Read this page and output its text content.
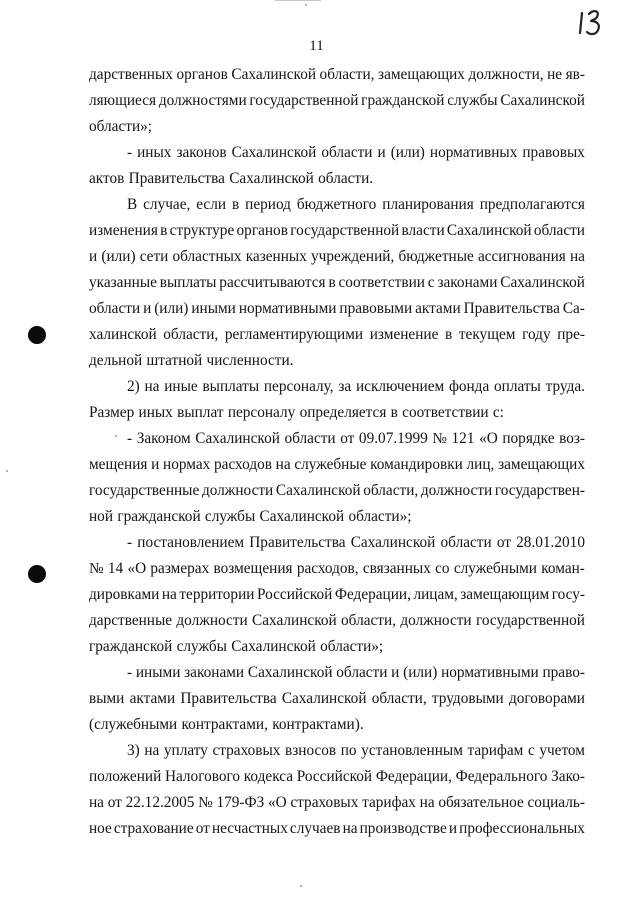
11
дарственных органов Сахалинской области, замещающих должности, не яв-
ляющиеся должностями государственной гражданской службы Сахалинской
области»;
- иных законов Сахалинской области и (или) нормативных правовых
актов Правительства Сахалинской области.
В случае, если в период бюджетного планирования предполагаются
изменения в структуре органов государственной власти Сахалинской области
и (или) сети областных казенных учреждений, бюджетные ассигнования на
указанные выплаты рассчитываются в соответствии с законами Сахалинской
области и (или) иными нормативными правовыми актами Правительства Са-
халинской области, регламентирующими изменение в текущем году пре-
дельной штатной численности.
2) на иные выплаты персоналу, за исключением фонда оплаты труда.
Размер иных выплат персоналу определяется в соответствии с:
- Законом Сахалинской области от 09.07.1999 № 121 «О порядке воз-
мещения и нормах расходов на служебные командировки лиц, замещающих
государственные должности Сахалинской области, должности государствен-
ной гражданской службы Сахалинской области»;
- постановлением Правительства Сахалинской области от 28.01.2010
№ 14 «О размерах возмещения расходов, связанных со служебными коман-
дировками на территории Российской Федерации, лицам, замещающим госу-
дарственные должности Сахалинской области, должности государственной
гражданской службы Сахалинской области»;
- иными законами Сахалинской области и (или) нормативными право-
выми актами Правительства Сахалинской области, трудовыми договорами
(служебными контрактами, контрактами).
3) на уплату страховых взносов по установленным тарифам с учетом
положений Налогового кодекса Российской Федерации, Федерального Зако-
на от 22.12.2005 № 179-ФЗ «О страховых тарифах на обязательное социаль-
ное страхование от несчастных случаев на производстве и профессиональных
